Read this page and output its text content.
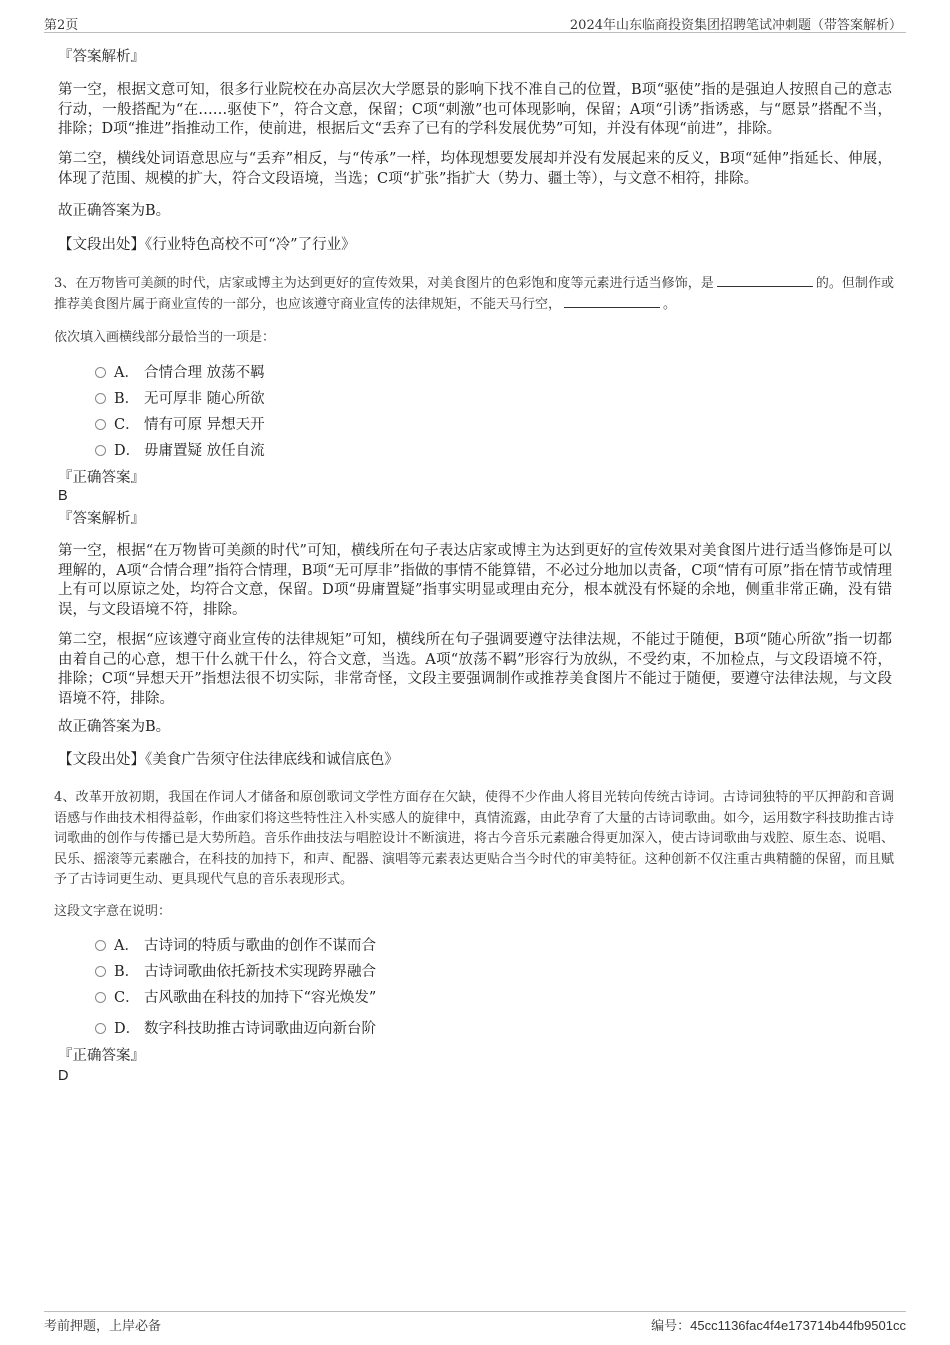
第2页	2024年山东临商投资集团招聘笔试冲刺题（带答案解析）
『答案解析』
第一空，根据文意可知，很多行业院校在办高层次大学愿景的影响下找不准自己的位置，B项“驱使”指的是强迫人按照自己的意志行动，一般搭配为“在……驱使下”，符合文意，保留；C项“刺激”也可体现影响，保留；A项“引诱”指诱惑，与“愿景”搭配不当，排除；D项“推进”指推动工作，使前进，根据后文“丢弃了已有的学科发展优势”可知，并没有体现“前进”，排除。
第二空，横线处词语意思应与“丢弃”相反，与“传承”一样，均体现想要发展却并没有发展起来的反义，B项“延伸”指延长、伸展，体现了范围、规模的扩大，符合文段语境，当选；C项“扩张”指扩大（势力、疆土等），与文意不相符，排除。
故正确答案为B。
【文段出处】《行业特色高校不可“冷”了行业》
3、在万物皆可美颜的时代，店家或博主为达到更好的宣传效果，对美食图片的色彩饱和度等元素进行适当修饰，是	的。但制作或推荐美食图片属于商业宣传的一部分，也应该遵守商业宣传的法律规矩，不能天马行空，	。
依次填入画横线部分最恰当的一项是：
A． 合情合理 放荡不羁
B． 无可厚非 随心所欲
C． 情有可原 异想天开
D． 毋庸置疑 放任自流
『正确答案』
B
『答案解析』
第一空，根据“在万物皆可美颜的时代”可知，横线所在句子表达店家或博主为达到更好的宣传效果对美食图片进行适当修饰是可以理解的，A项“合情合理”指符合情理，B项“无可厚非”指做的事情不能算错，不必过分地加以责备，C项“情有可原”指在情节或情理上有可以原谅之处，均符合文意，保留。D项“毋庸置疑”指事实明显或理由充分，根本就没有怀疑的余地，侧重非常正确，没有错误，与文段语境不符，排除。
第二空，根据“应该遵守商业宣传的法律规矩”可知，横线所在句子强调要遵守法律法规，不能过于随便，B项“随心所欲”指一切都由着自己的心意，想干什么就干什么，符合文意，当选。A项“放荡不羁”形容行为放纵，不受约束，不加检点，与文段语境不符，排除；C项“异想天开”指想法很不切实际，非常奇怪，文段主要强调制作或推荐美食图片不能过于随便，要遵守法律法规，与文段语境不符，排除。
故正确答案为B。
【文段出处】《美食广告须守住法律底线和诚信底色》
4、改革开放初期，我国在作词人才储备和原创歌词文学性方面存在欠缺，使得不少作曲人将目光转向传统古诗词。古诗词独特的平仄押韵和音调语感与作曲技术相得益彰，作曲家们将这些特性注入朴实感人的旋律中，真情流露，由此孕育了大量的古诗词歌曲。如今，运用数字科技助推古诗词歌曲的创作与传播已是大势所趋。音乐作曲技法与唱腔设计不断演进，将古今音乐元素融合得更加深入，使古诗词歌曲与戏腔、原生态、说唱、民乐、摇滚等元素融合，在科技的加持下，和声、配器、演唱等元素表达更贴合当今时代的审美特征。这种创新不仅注重古典精髓的保留，而且赋予了古诗词更生动、更具现代气息的音乐表现形式。
这段文字意在说明：
A． 古诗词的特质与歌曲的创作不谋而合
B． 古诗词歌曲依托新技术实现跨界融合
C． 古风歌曲在科技的加持下“容光焕发”
D． 数字科技助推古诗词歌曲迈向新台阶
『正确答案』
D
考前押题，上岸必备	编号：45cc1136fac4f4e173714b44fb9501cc
